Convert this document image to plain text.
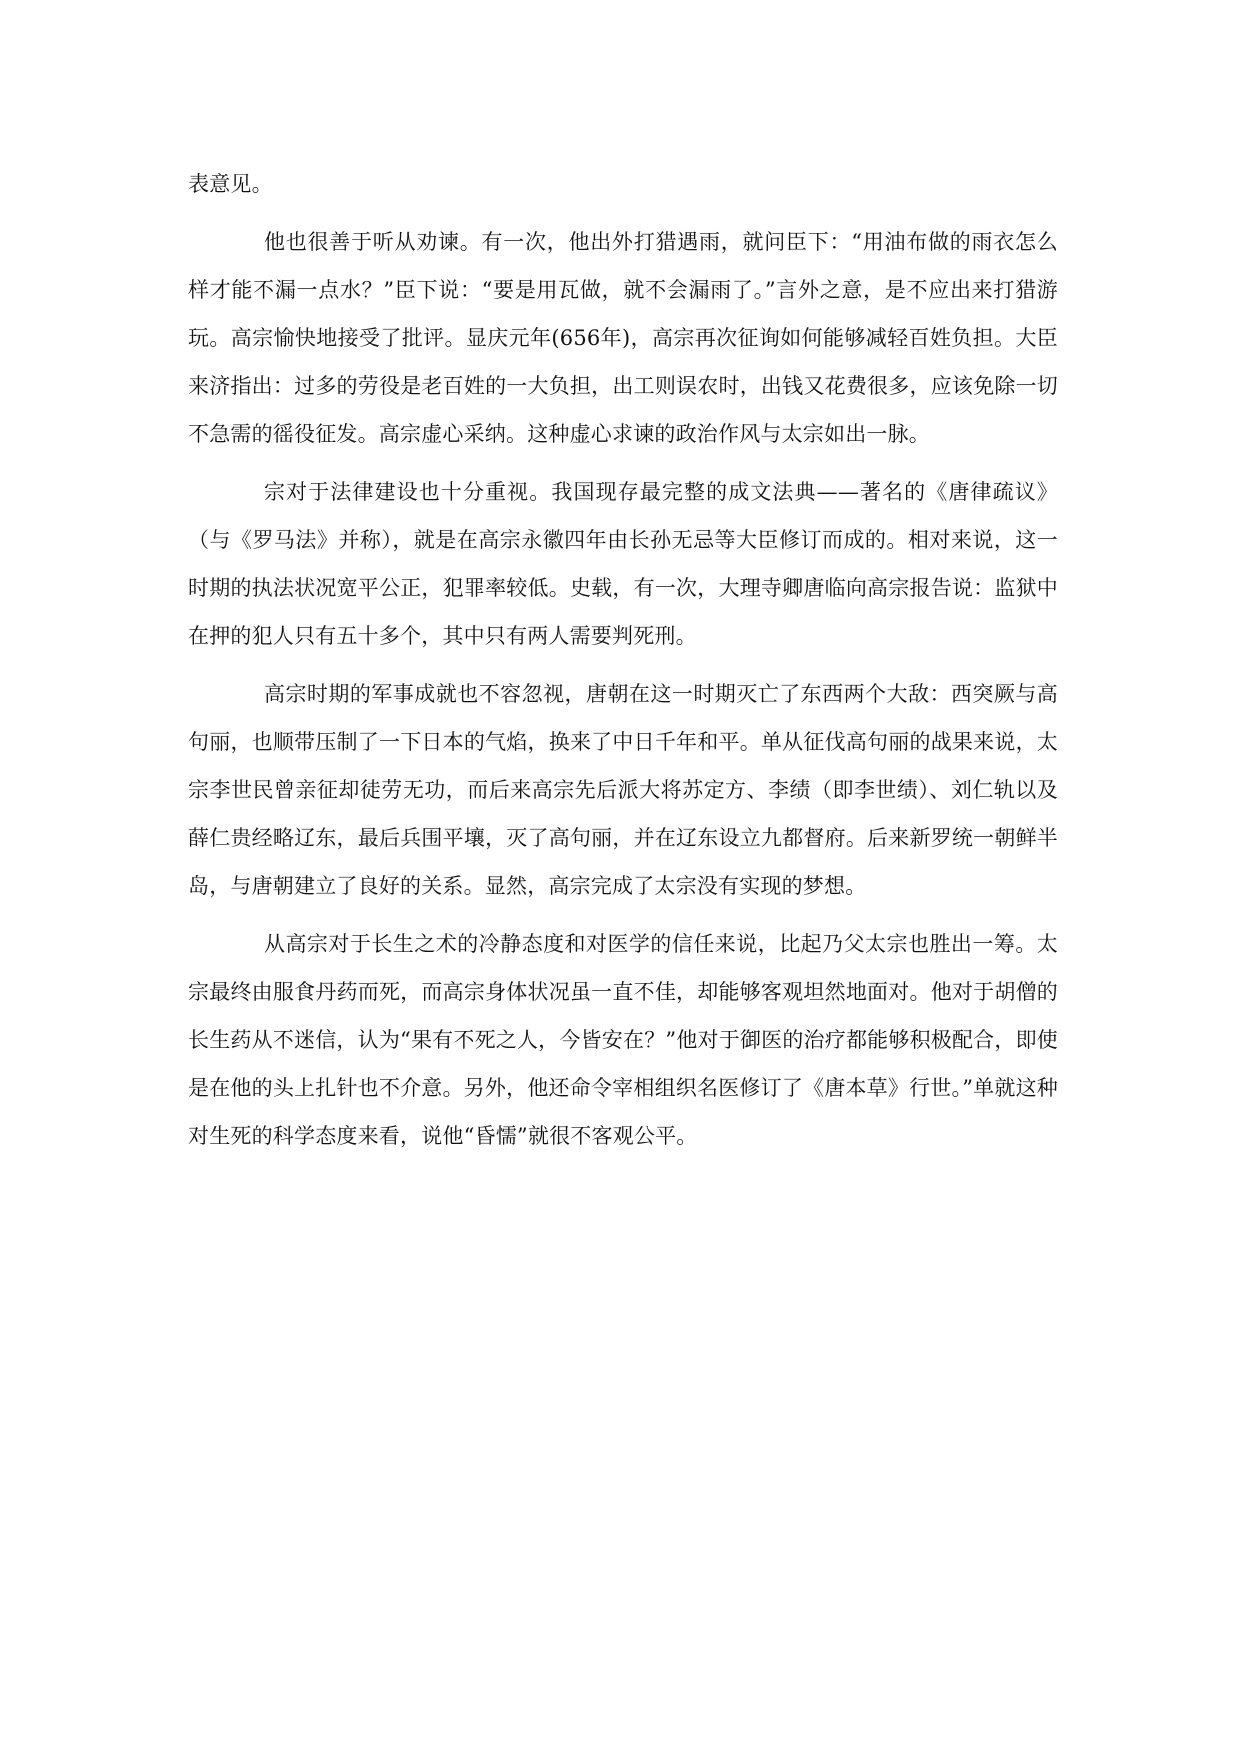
表意见。

他也很善于听从劝谏。有一次，他出外打猎遇雨，就问臣下：“用油布做的雨衣怎么样才能不漏一点水？”臣下说：“要是用瓦做，就不会漏雨了。”言外之意，是不应出来打猎游玩。高宗愉快地接受了批评。显庆元年(656年)，高宗再次征询如何能够减轻百姓负担。大臣来济指出：过多的劳役是老百姓的一大负担，出工则误农时，出钱又花费很多，应该免除一切不急需的徭役征发。高宗虚心采纳。这种虚心求谏的政治作风与太宗如出一脉。

宗对于法律建设也十分重视。我国现存最完整的成文法典——著名的《唐律疏议》（与《罗马法》并称），就是在高宗永徽四年由长孙无忌等大臣修订而成的。相对来说，这一时期的执法状况宽平公正，犯罪率较低。史载，有一次，大理寺卿唐临向高宗报告说：监狱中在押的犯人只有五十多个，其中只有两人需要判死刑。

高宗时期的军事成就也不容忽视，唐朝在这一时期灭亡了东西两个大敌：西突厥与高句丽，也顺带压制了一下日本的气焰，换来了中日千年和平。单从征伐高句丽的战果来说，太宗李世民曾亲征却徒劳无功，而后来高宗先后派大将苏定方、李绩（即李世绩）、刘仁轨以及薛仁贵经略辽东，最后兵围平壤，灭了高句丽，并在辽东设立九都督府。后来新罗统一朝鲜半岛，与唐朝建立了良好的关系。显然，高宗完成了太宗没有实现的梦想。

从高宗对于长生之术的冷静态度和对医学的信任来说，比起乃父太宗也胜出一筹。太宗最终由服食丹药而死，而高宗身体状况虽一直不佳，却能够客观坦然地面对。他对于胡僧的长生药从不迷信，认为“果有不死之人，今皆安在？”他对于御医的治疗都能够积极配合，即使是在他的头上扎针也不介意。另外，他还命令宰相组织名医修订了《唐本草》行世。”单就这种对生死的科学态度来看，说他“昏懦”就很不客观公平。
